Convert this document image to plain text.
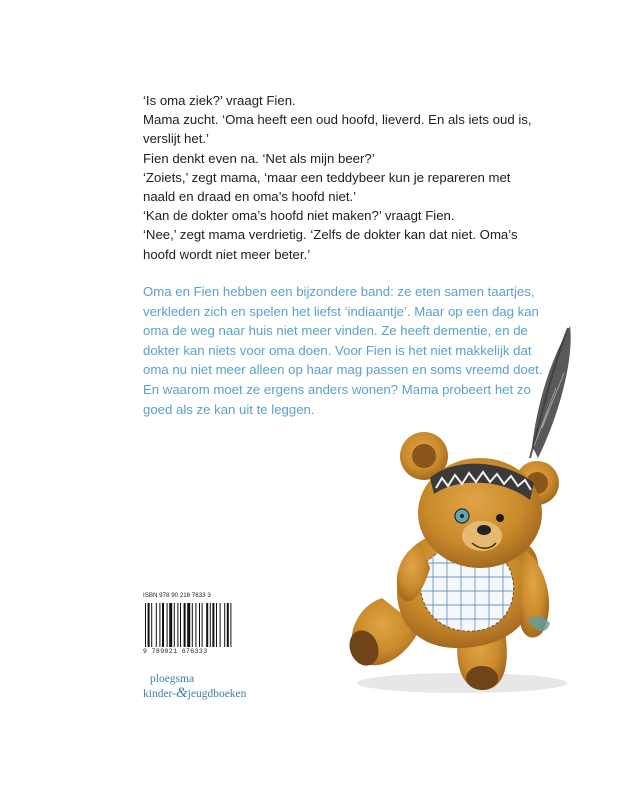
‘Is oma ziek?’ vraagt Fien.

Mama zucht. ‘Oma heeft een oud hoofd, lieverd. En als iets oud is, verslijt het.’

Fien denkt even na. ‘Net als mijn beer?’

‘Zoiets,’ zegt mama, ‘maar een teddybeer kun je repareren met naald en draad en oma’s hoofd niet.’

‘Kan de dokter oma’s hoofd niet maken?’ vraagt Fien.

‘Nee,’ zegt mama verdrietig. ‘Zelfs de dokter kan dat niet. Oma’s hoofd wordt niet meer beter.’

Oma en Fien hebben een bijzondere band: ze eten samen taartjes, verkleden zich en spelen het liefst ‘indiaantje’. Maar op een dag kan oma de weg naar huis niet meer vinden. Ze heeft dementie, en de dokter kan niets voor oma doen. Voor Fien is het niet makkelijk dat oma nu niet meer alleen op haar mag passen en soms vreemd doet. En waarom moet ze ergens anders wonen? Mama probeert het zo goed als ze kan uit te leggen.
ISBN 978 90 216 7633 3
9 789021 676333
ploegsma
kinder-&jeugdboeken
